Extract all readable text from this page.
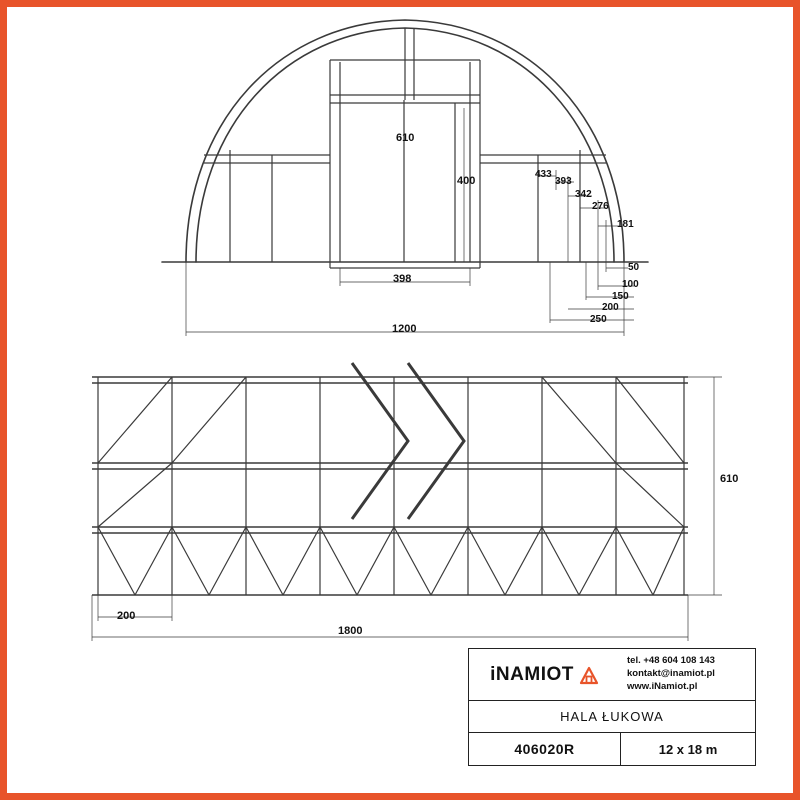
610
400
433
393
342
276
181
50
100
150
200
250
398
1200
610
200
1800
iNAMIOT
tel. +48 604 108 143
kontakt@inamiot.pl
www.iNamiot.pl
HALA ŁUKOWA
406020R	12 x 18 m
